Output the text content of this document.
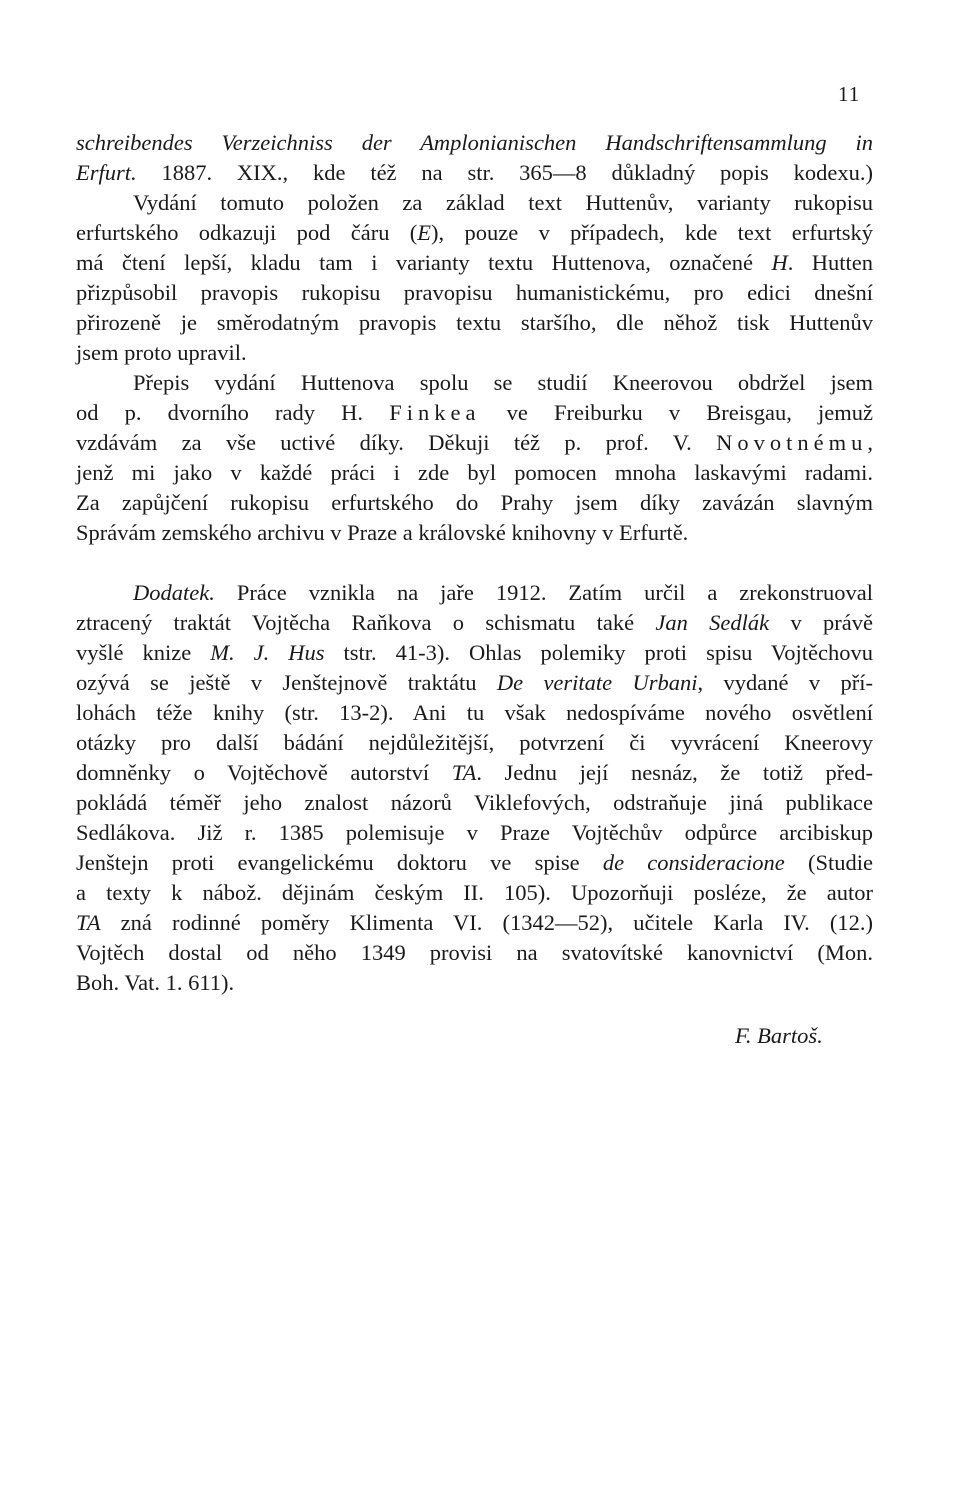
11
schreibendes Verzeichniss der Amplonianischen Handschriftensammlung in
Erfurt. 1887. XIX., kde též na str. 365—8 důkladný popis kodexu.)
Vydání tomuto položen za základ text Huttenův, varianty rukopisu
erfurtského odkazuji pod čáru (E), pouze v případech, kde text erfurtský
má čtení lepší, kladu tam i varianty textu Huttenova, označené H. Hutten
přizpůsobil pravopis rukopisu pravopisu humanistickému, pro edici dnešní
přirozeně je směrodatným pravopis textu staršího, dle něhož tisk Huttenův
jsem proto upravil.
Přepis vydání Huttenova spolu se studií Kneerovou obdržel jsem
od p. dvorního rady H. Finkea ve Freiburku v Breisgau, jemuž
vzdávám za vše uctivé díky. Děkuji též p. prof. V. Novotnému,
jenž mi jako v každé práci i zde byl pomocen mnoha laskavými radami.
Za zapůjčení rukopisu erfurtského do Prahy jsem díky zavázán slavným
Správám zemského archivu v Praze a královské knihovny v Erfurtě.
Dodatek. Práce vznikla na jaře 1912. Zatím určil a zrekonstruoval
ztracený traktát Vojtěcha Raňkova o schismatu také Jan Sedlák v právě
vyšlé knize M. J. Hus tstr. 41-3). Ohlas polemiky proti spisu Vojtěchovu
ozývá se ještě v Jenštejnově traktátu De veritate Urbani, vydané v pří-
lohách téže knihy (str. 13-2). Ani tu však nedospíváme nového osvětlení
otázky pro další bádání nejdůležitější, potvrzení či vyvrácení Kneerovy
domněnky o Vojtěchově autorství TA. Jednu její nesnáz, že totiž před-
pokládá téměř jeho znalost názorů Viklefových, odstraňuje jiná publikace
Sedlákova. Již r. 1385 polemisuje v Praze Vojtěchův odpůrce arcibiskup
Jenštejn proti evangelickému doktoru ve spise de consideracione (Studie
a texty k nábož. dějinám českým II. 105). Upozorňuji posléze, že autor
TA zná rodinné poměry Klimenta VI. (1342—52), učitele Karla IV. (12.)
Vojtěch dostal od něho 1349 provisi na svatovítské kanovnictví (Mon.
Boh. Vat. 1. 611).
F. Bartoš.
